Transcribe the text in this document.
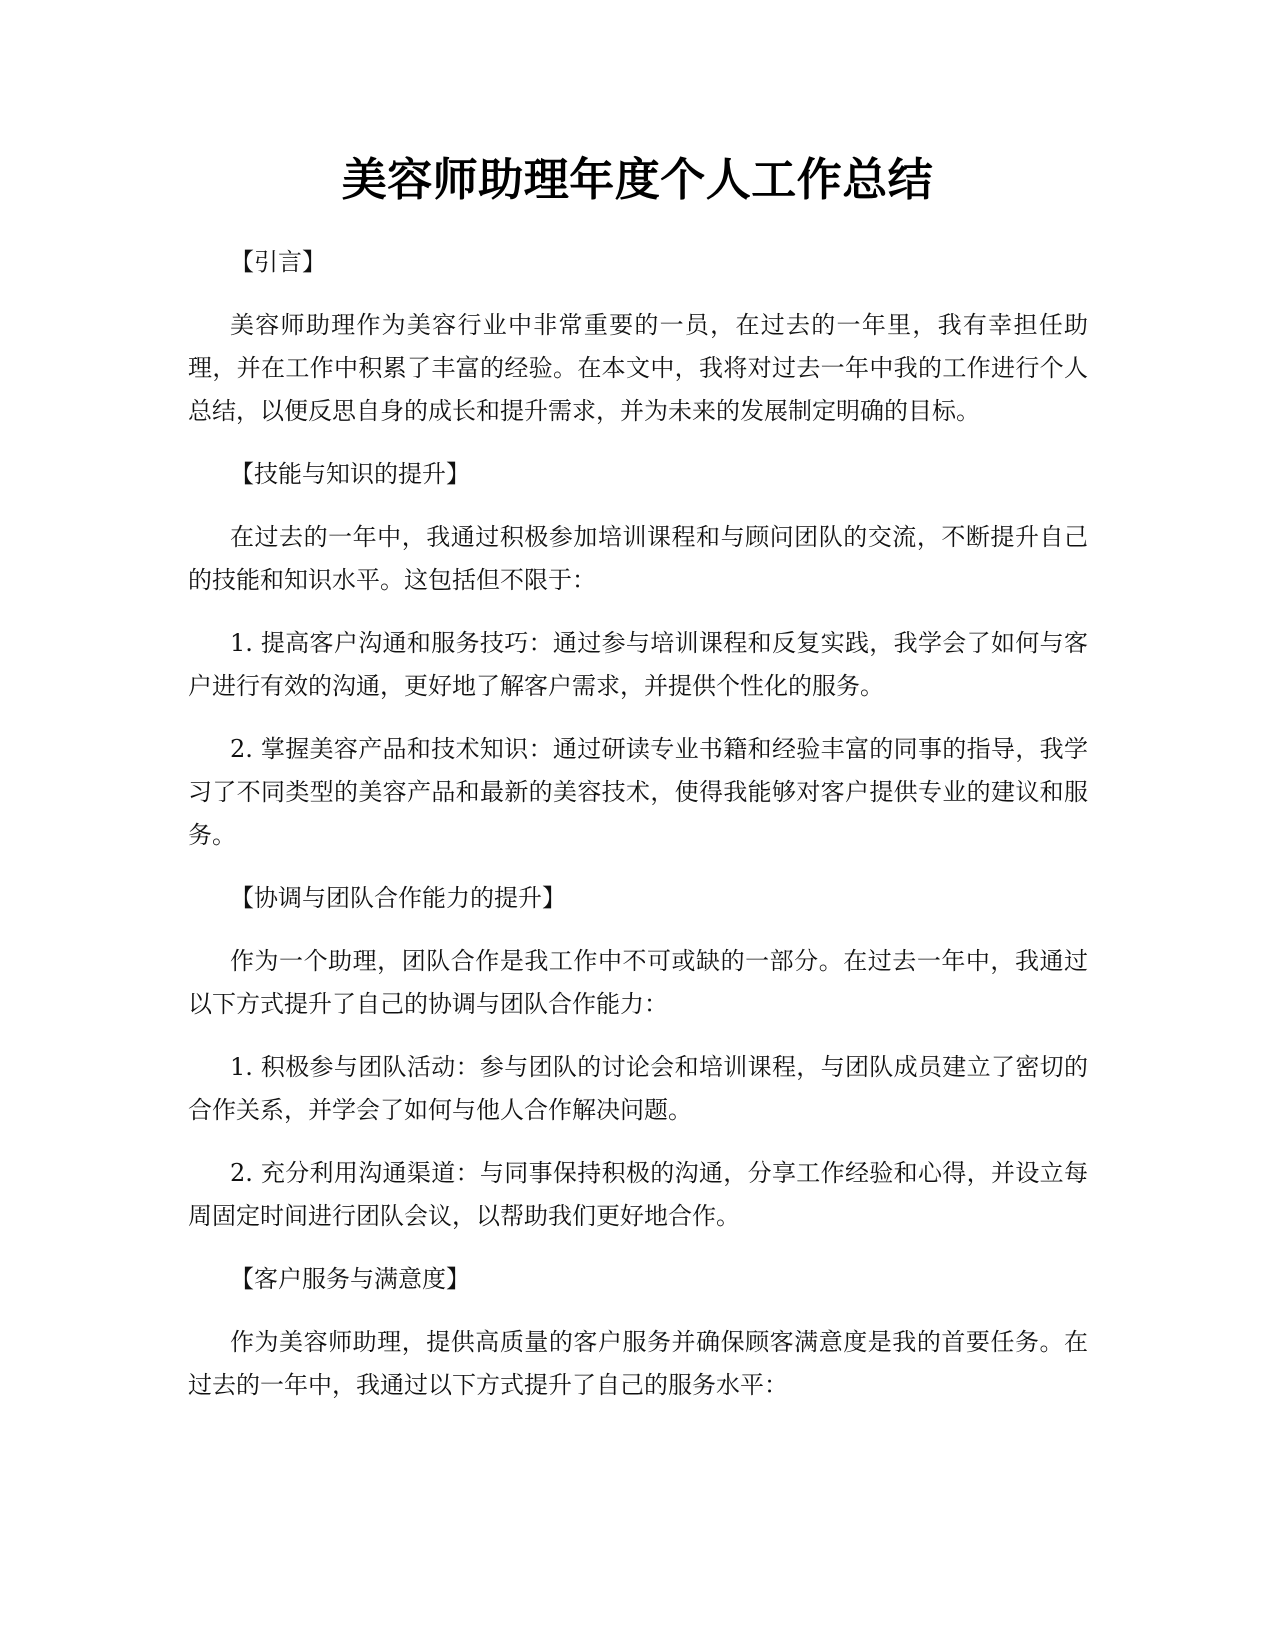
美容师助理年度个人工作总结

【引言】

美容师助理作为美容行业中非常重要的一员，在过去的一年里，我有幸担任助理，并在工作中积累了丰富的经验。在本文中，我将对过去一年中我的工作进行个人总结，以便反思自身的成长和提升需求，并为未来的发展制定明确的目标。

【技能与知识的提升】

在过去的一年中，我通过积极参加培训课程和与顾问团队的交流，不断提升自己的技能和知识水平。这包括但不限于：

1. 提高客户沟通和服务技巧：通过参与培训课程和反复实践，我学会了如何与客户进行有效的沟通，更好地了解客户需求，并提供个性化的服务。

2. 掌握美容产品和技术知识：通过研读专业书籍和经验丰富的同事的指导，我学习了不同类型的美容产品和最新的美容技术，使得我能够对客户提供专业的建议和服务。

【协调与团队合作能力的提升】

作为一个助理，团队合作是我工作中不可或缺的一部分。在过去一年中，我通过以下方式提升了自己的协调与团队合作能力：

1. 积极参与团队活动：参与团队的讨论会和培训课程，与团队成员建立了密切的合作关系，并学会了如何与他人合作解决问题。

2. 充分利用沟通渠道：与同事保持积极的沟通，分享工作经验和心得，并设立每周固定时间进行团队会议，以帮助我们更好地合作。

【客户服务与满意度】

作为美容师助理，提供高质量的客户服务并确保顾客满意度是我的首要任务。在过去的一年中，我通过以下方式提升了自己的服务水平：
